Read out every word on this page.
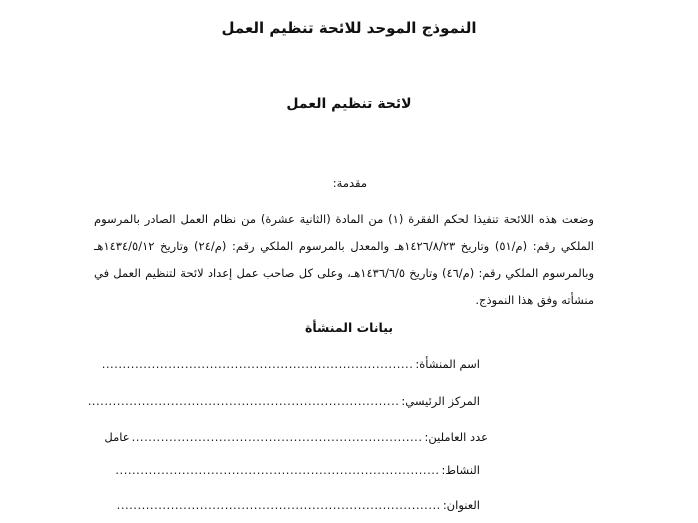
النموذج الموحد للائحة تنظيم العمل
لائحة تنظيم العمل

مقدمة:

وضعت هذه اللائحة تنفيذا لحكم الفقرة (١) من المادة (الثانية عشرة) من نظام العمل الصادر بالمرسوم الملكي رقم: (م/٥١) وتاريخ ١٤٢٦/٨/٢٣هـ والمعدل بالمرسوم الملكي رقم: (م/٢٤) وتاريخ ١٤٣٤/٥/١٢هـ وبالمرسوم الملكي رقم: (م/٤٦) وتاريخ ١٤٣٦/٦/٥هـ، وعلى كل صاحب عمل إعداد لائحة لتنظيم العمل في منشأته وفق هذا النموذج.

بيانات المنشأة
اسم المنشأة:
...........................................................................
المركز الرئيسي:
...........................................................................
عدد العاملين:
......................................................................
عامل
النشاط:
..............................................................................
العنوان:
..............................................................................
